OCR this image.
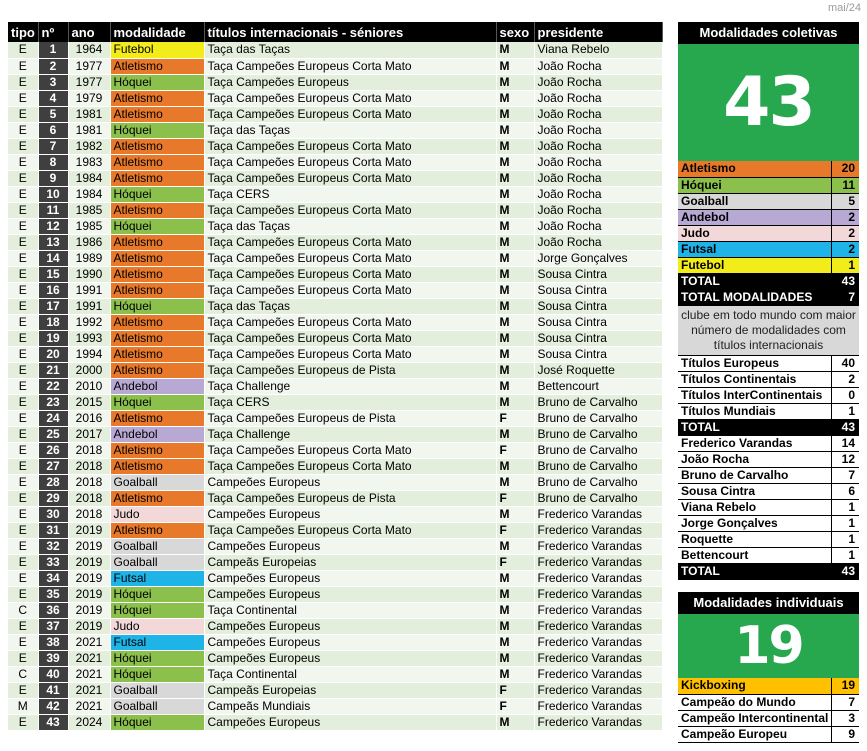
mai/24
tipo	nº	ano	modalidade	títulos internacionais - séniores	sexo	presidente
E	1	1964	Futebol	Taça das Taças	M	Viana Rebelo
E	2	1977	Atletismo	Taça Campeões Europeus Corta Mato	M	João Rocha
E	3	1977	Hóquei	Taça Campeões Europeus	M	João Rocha
E	4	1979	Atletismo	Taça Campeões Europeus Corta Mato	M	João Rocha
E	5	1981	Atletismo	Taça Campeões Europeus Corta Mato	M	João Rocha
E	6	1981	Hóquei	Taça das Taças	M	João Rocha
E	7	1982	Atletismo	Taça Campeões Europeus Corta Mato	M	João Rocha
E	8	1983	Atletismo	Taça Campeões Europeus Corta Mato	M	João Rocha
E	9	1984	Atletismo	Taça Campeões Europeus Corta Mato	M	João Rocha
E	10	1984	Hóquei	Taça CERS	M	João Rocha
E	11	1985	Atletismo	Taça Campeões Europeus Corta Mato	M	João Rocha
E	12	1985	Hóquei	Taça das Taças	M	João Rocha
E	13	1986	Atletismo	Taça Campeões Europeus Corta Mato	M	João Rocha
E	14	1989	Atletismo	Taça Campeões Europeus Corta Mato	M	Jorge Gonçalves
E	15	1990	Atletismo	Taça Campeões Europeus Corta Mato	M	Sousa Cintra
E	16	1991	Atletismo	Taça Campeões Europeus Corta Mato	M	Sousa Cintra
E	17	1991	Hóquei	Taça das Taças	M	Sousa Cintra
E	18	1992	Atletismo	Taça Campeões Europeus Corta Mato	M	Sousa Cintra
E	19	1993	Atletismo	Taça Campeões Europeus Corta Mato	M	Sousa Cintra
E	20	1994	Atletismo	Taça Campeões Europeus Corta Mato	M	Sousa Cintra
E	21	2000	Atletismo	Taça Campeões Europeus de Pista	M	José Roquette
E	22	2010	Andebol	Taça Challenge	M	Bettencourt
E	23	2015	Hóquei	Taça CERS	M	Bruno de Carvalho
E	24	2016	Atletismo	Taça Campeões Europeus de Pista	F	Bruno de Carvalho
E	25	2017	Andebol	Taça Challenge	M	Bruno de Carvalho
E	26	2018	Atletismo	Taça Campeões Europeus Corta Mato	F	Bruno de Carvalho
E	27	2018	Atletismo	Taça Campeões Europeus Corta Mato	M	Bruno de Carvalho
E	28	2018	Goalball	Campeões Europeus	M	Bruno de Carvalho
E	29	2018	Atletismo	Taça Campeões Europeus de Pista	F	Bruno de Carvalho
E	30	2018	Judo	Campeões Europeus	M	Frederico Varandas
E	31	2019	Atletismo	Taça Campeões Europeus Corta Mato	F	Frederico Varandas
E	32	2019	Goalball	Campeões Europeus	M	Frederico Varandas
E	33	2019	Goalball	Campeãs Europeias	F	Frederico Varandas
E	34	2019	Futsal	Campeões Europeus	M	Frederico Varandas
E	35	2019	Hóquei	Campeões Europeus	M	Frederico Varandas
C	36	2019	Hóquei	Taça Continental	M	Frederico Varandas
E	37	2019	Judo	Campeões Europeus	M	Frederico Varandas
E	38	2021	Futsal	Campeões Europeus	M	Frederico Varandas
E	39	2021	Hóquei	Campeões Europeus	M	Frederico Varandas
C	40	2021	Hóquei	Taça Continental	M	Frederico Varandas
E	41	2021	Goalball	Campeãs Europeias	F	Frederico Varandas
M	42	2021	Goalball	Campeãs Mundiais	F	Frederico Varandas
E	43	2024	Hóquei	Campeões Europeus	M	Frederico Varandas
Modalidades coletivas
43
Atletismo	20
Hóquei	11
Goalball	5
Andebol	2
Judo	2
Futsal	2
Futebol	1
TOTAL	43
TOTAL MODALIDADES	7
clube em todo mundo com maior número de modalidades com títulos internacionais	
Títulos Europeus	40
Títulos Continentais	2
Títulos InterContinentais	0
Títulos Mundiais	1
TOTAL	43
Frederico Varandas	14
João Rocha	12
Bruno de Carvalho	7
Sousa Cintra	6
Viana Rebelo	1
Jorge Gonçalves	1
Roquette	1
Bettencourt	1
TOTAL	43
Modalidades individuais
19
Kickboxing	19
Campeão do Mundo	7
Campeão Intercontinental	3
Campeão Europeu	9
